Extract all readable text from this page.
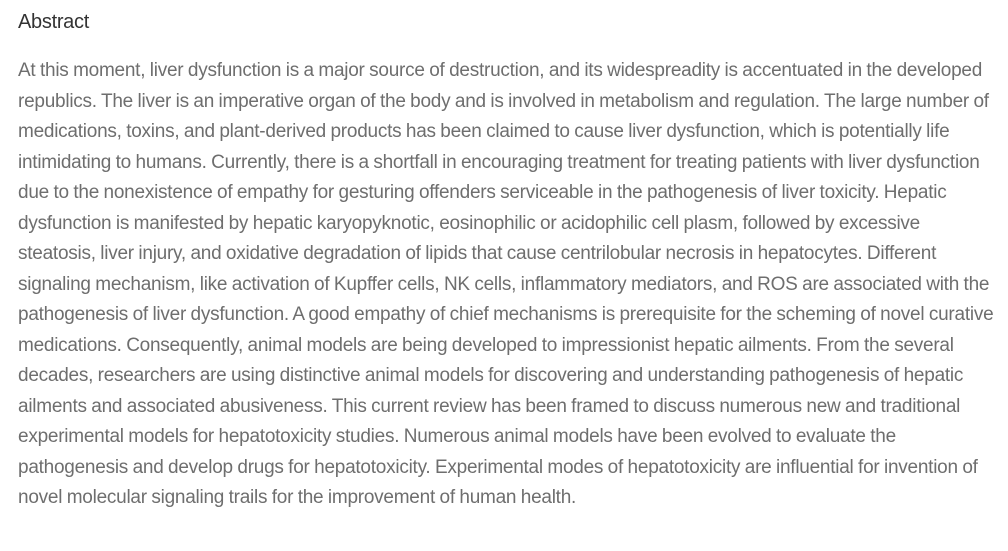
Abstract

At this moment, liver dysfunction is a major source of destruction, and its widespreadity is accentuated in the developed republics. The liver is an imperative organ of the body and is involved in metabolism and regulation. The large number of medications, toxins, and plant-derived products has been claimed to cause liver dysfunction, which is potentially life intimidating to humans. Currently, there is a shortfall in encouraging treatment for treating patients with liver dysfunction due to the nonexistence of empathy for gesturing offenders serviceable in the pathogenesis of liver toxicity. Hepatic dysfunction is manifested by hepatic karyopyknotic, eosinophilic or acidophilic cell plasm, followed by excessive steatosis, liver injury, and oxidative degradation of lipids that cause centrilobular necrosis in hepatocytes. Different signaling mechanism, like activation of Kupffer cells, NK cells, inflammatory mediators, and ROS are associated with the pathogenesis of liver dysfunction. A good empathy of chief mechanisms is prerequisite for the scheming of novel curative medications. Consequently, animal models are being developed to impressionist hepatic ailments. From the several decades, researchers are using distinctive animal models for discovering and understanding pathogenesis of hepatic ailments and associated abusiveness. This current review has been framed to discuss numerous new and traditional experimental models for hepatotoxicity studies. Numerous animal models have been evolved to evaluate the pathogenesis and develop drugs for hepatotoxicity. Experimental modes of hepatotoxicity are influential for invention of novel molecular signaling trails for the improvement of human health.
